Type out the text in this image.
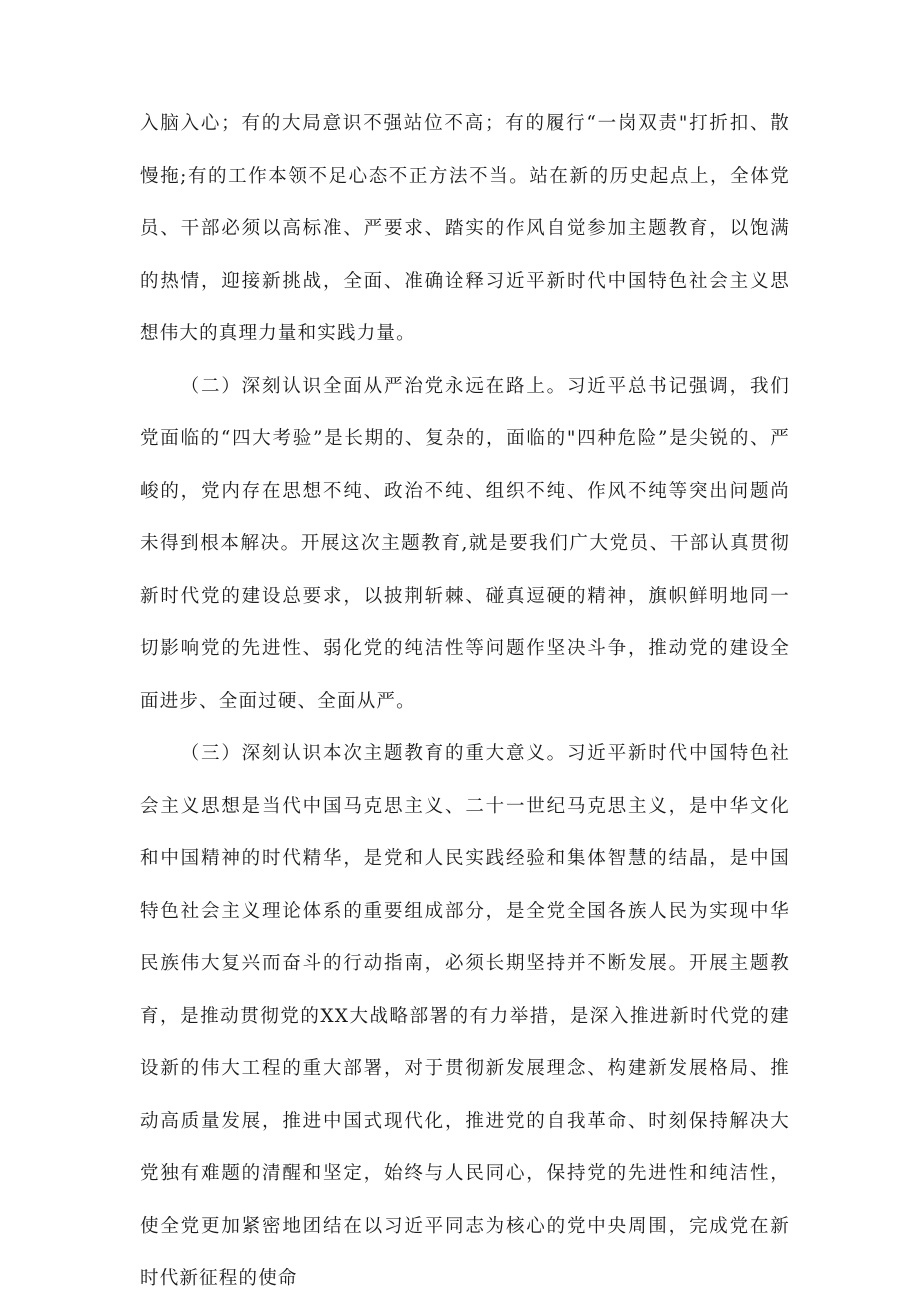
入脑入心；有的大局意识不强站位不高；有的履行“一岗双责"打折扣、散慢拖;有的工作本领不足心态不正方法不当。站在新的历史起点上，全体党员、干部必须以高标准、严要求、踏实的作风自觉参加主题教育，以饱满的热情，迎接新挑战，全面、准确诠释习近平新时代中国特色社会主义思想伟大的真理力量和实践力量。

（二）深刻认识全面从严治党永远在路上。习近平总书记强调，我们党面临的“四大考验”是长期的、复杂的，面临的"四种危险”是尖锐的、严峻的，党内存在思想不纯、政治不纯、组织不纯、作风不纯等突出问题尚未得到根本解决。开展这次主题教育,就是要我们广大党员、干部认真贯彻新时代党的建设总要求，以披荆斩棘、碰真逗硬的精神，旗帜鲜明地同一切影响党的先进性、弱化党的纯洁性等问题作坚决斗争，推动党的建设全面进步、全面过硬、全面从严。

（三）深刻认识本次主题教育的重大意义。习近平新时代中国特色社会主义思想是当代中国马克思主义、二十一世纪马克思主义，是中华文化和中国精神的时代精华，是党和人民实践经验和集体智慧的结晶，是中国特色社会主义理论体系的重要组成部分，是全党全国各族人民为实现中华民族伟大复兴而奋斗的行动指南，必须长期坚持并不断发展。开展主题教育，是推动贯彻党的XX大战略部署的有力举措，是深入推进新时代党的建设新的伟大工程的重大部署，对于贯彻新发展理念、构建新发展格局、推动高质量发展，推进中国式现代化，推进党的自我革命、时刻保持解决大党独有难题的清醒和坚定，始终与人民同心，保持党的先进性和纯洁性，使全党更加紧密地团结在以习近平同志为核心的党中央周围，完成党在新时代新征程的使命
